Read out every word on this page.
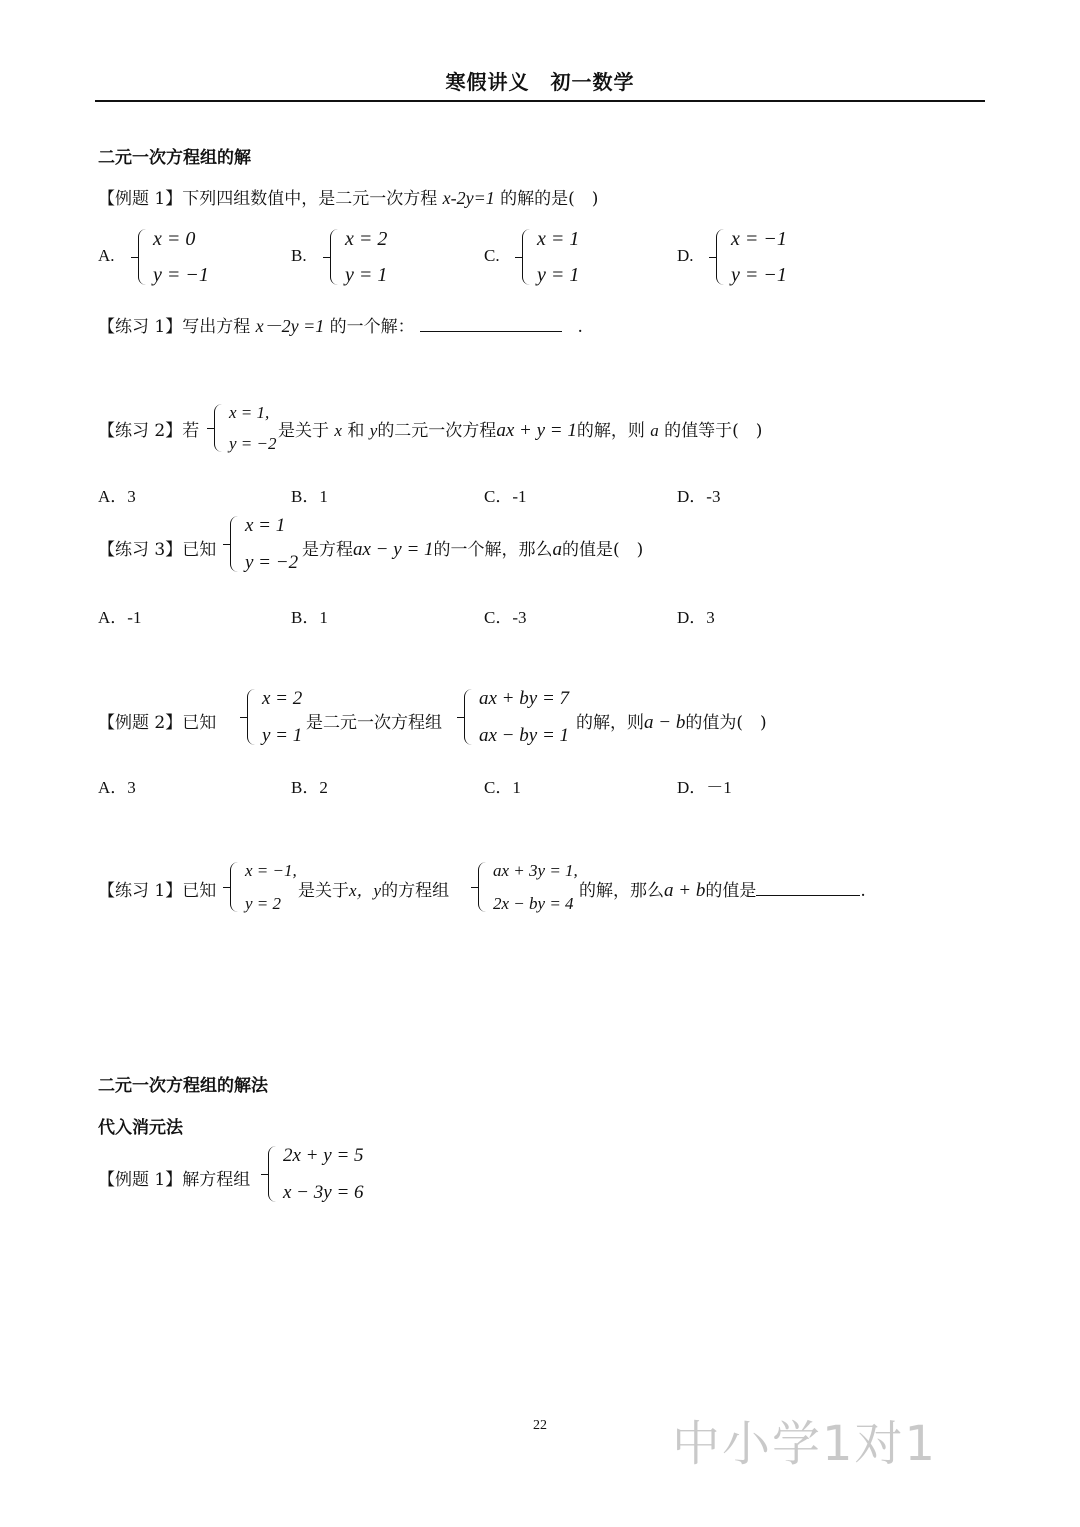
寒假讲义　初一数学
二元一次方程组的解
【例题 1】下列四组数值中，是二元一次方程 x-2y=1 的解的是(　)
A.
x = 0
y = −1
B.
x = 2
y = 1
C.
x = 1
y = 1
D.
x = −1
y = −1
【练习 1】写出方程 x－2y =1 的一个解：	.
【练习 2】若
x = 1,
y = −2
是关于 x 和 y的二元一次方程ax + y = 1的解，则 a 的值等于(　)
A．3	B．1	C．-1	D．-3
【练习 3】已知
x = 1
y = −2
是方程ax − y = 1的一个解，那么a的值是(　)
A．-1	B．1	C．-3	D．3
【例题 2】已知
x = 2
y = 1
是二元一次方程组
ax + by = 7
ax − by = 1
的解，则a − b的值为(　)
A．3	B．2	C．1	D．－1
【练习 1】已知
x = −1,
y = 2
是关于x，y的方程组
ax + 3y = 1,
2x − by = 4
的解，那么a + b的值是	.
二元一次方程组的解法
代入消元法
【例题 1】解方程组
2x + y = 5
x − 3y = 6
22	中小学1对1
